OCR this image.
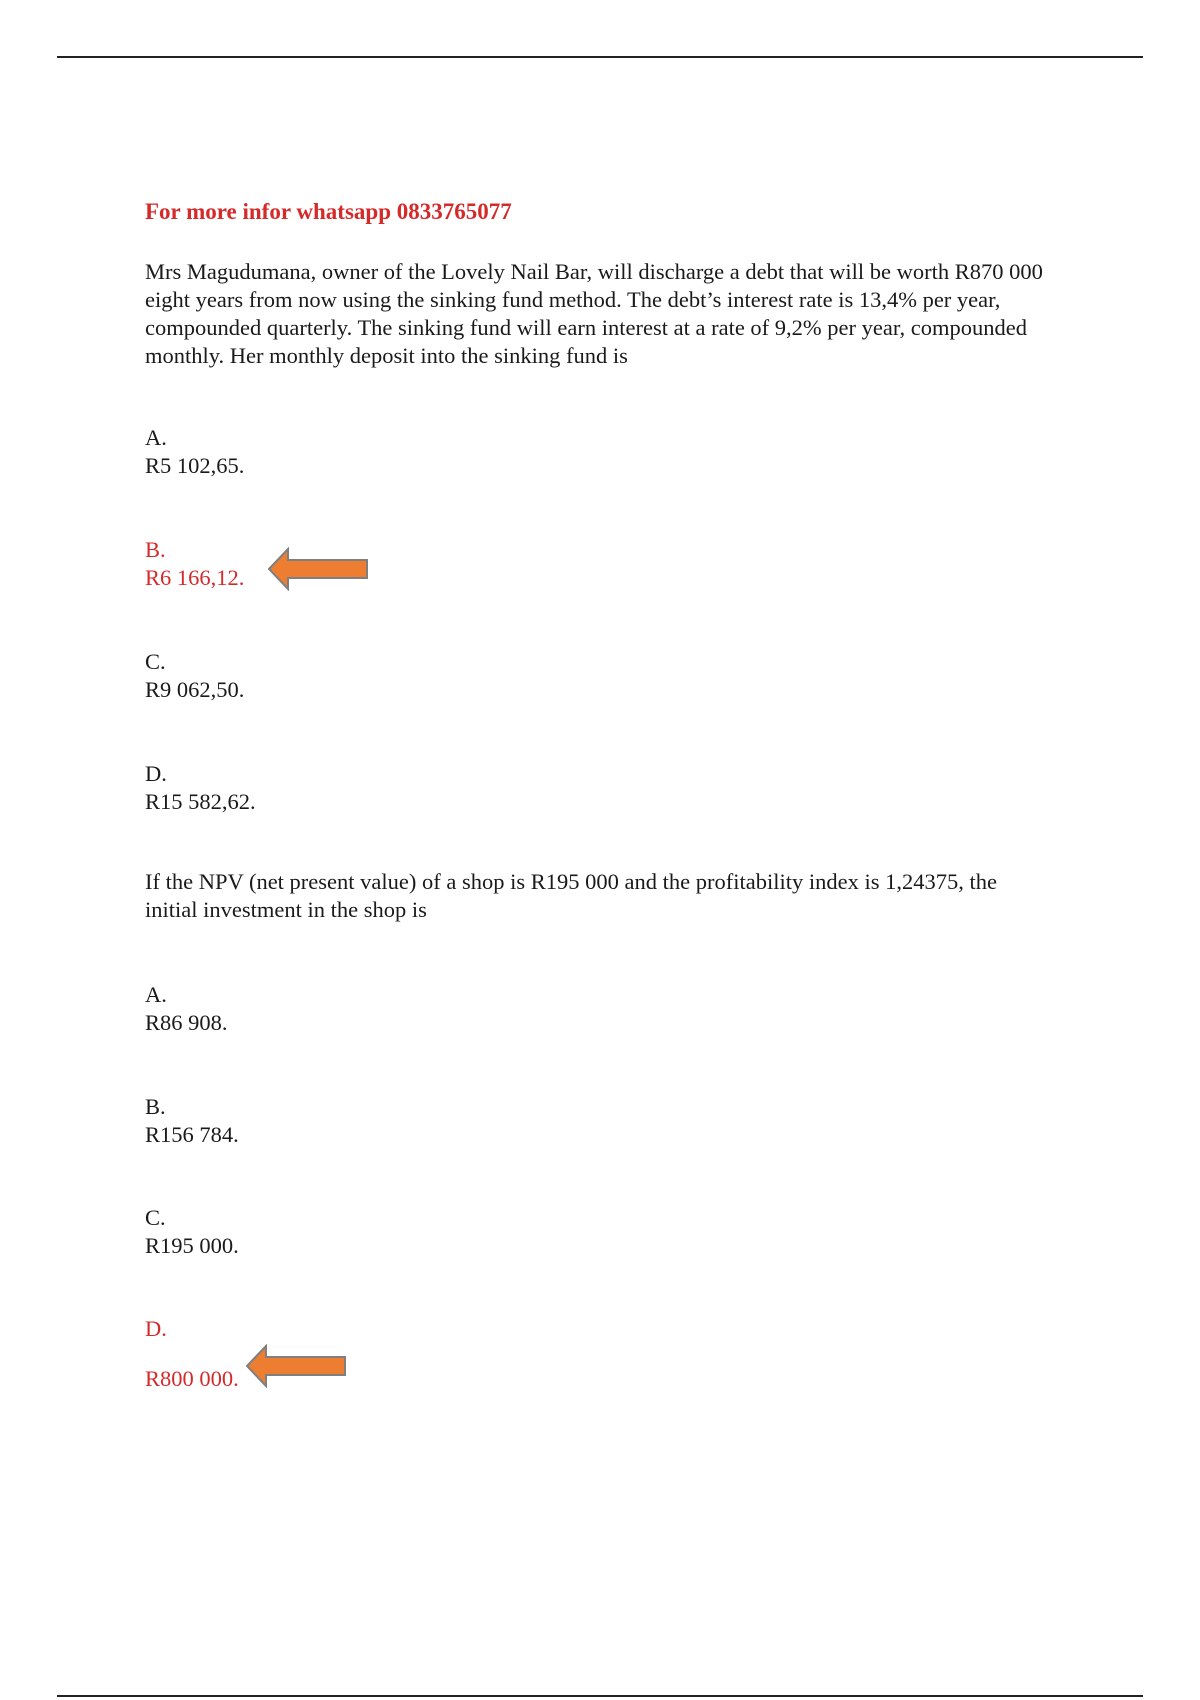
For more infor whatsapp 0833765077
Mrs Magudumana, owner of the Lovely Nail Bar, will discharge a debt that will be worth R870 000 eight years from now using the sinking fund method. The debt’s interest rate is 13,4% per year, compounded quarterly. The sinking fund will earn interest at a rate of 9,2% per year, compounded monthly. Her monthly deposit into the sinking fund is
A.
R5 102,65.
B.
R6 166,12.
C.
R9 062,50.
D.
R15 582,62.
If the NPV (net present value) of a shop is R195 000 and the profitability index is 1,24375, the initial investment in the shop is
A.
R86 908.
B.
R156 784.
C.
R195 000.
D.
R800 000.
